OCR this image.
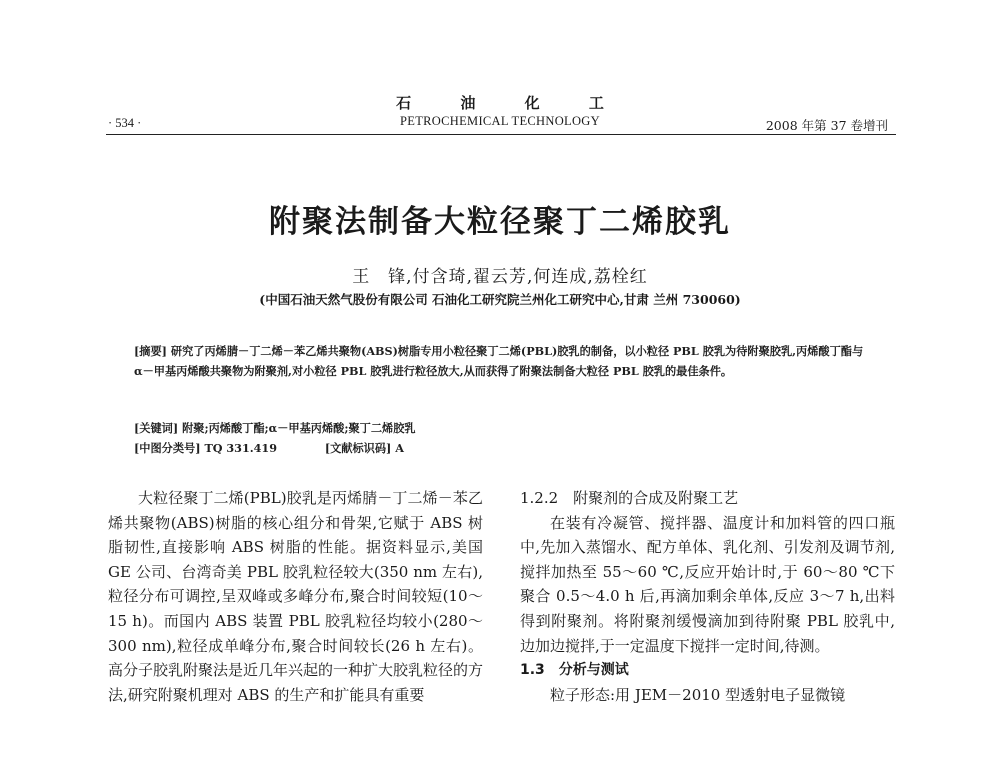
石 油 化 工
PETROCHEMICAL TECHNOLOGY
· 534 ·	2008 年第 37 卷增刊
附聚法制备大粒径聚丁二烯胶乳
王　锋,付含琦,翟云芳,何连成,荔栓红
(中国石油天然气股份有限公司 石油化工研究院兰州化工研究中心,甘肃 兰州 730060)
[摘要] 研究了丙烯腈－丁二烯－苯乙烯共聚物(ABS)树脂专用小粒径聚丁二烯(PBL)胶乳的制备，以小粒径 PBL 胶乳为待附聚胶乳,丙烯酸丁酯与 α－甲基丙烯酸共聚物为附聚剂,对小粒径 PBL 胶乳进行粒径放大,从而获得了附聚法制备大粒径 PBL 胶乳的最佳条件。
[关键词] 附聚;丙烯酸丁酯;α－甲基丙烯酸;聚丁二烯胶乳
[中图分类号] TQ 331.419	[文献标识码] A

大粒径聚丁二烯(PBL)胶乳是丙烯腈－丁二烯－苯乙烯共聚物(ABS)树脂的核心组分和骨架,它赋于 ABS 树脂韧性,直接影响 ABS 树脂的性能。据资料显示,美国 GE 公司、台湾奇美 PBL 胶乳粒径较大(350 nm 左右),粒径分布可调控,呈双峰或多峰分布,聚合时间较短(10～15 h)。而国内 ABS 装置 PBL 胶乳粒径均较小(280～300 nm),粒径成单峰分布,聚合时间较长(26 h 左右)。高分子胶乳附聚法是近几年兴起的一种扩大胶乳粒径的方法,研究附聚机理对 ABS 的生产和扩能具有重要

1.2.2　附聚剂的合成及附聚工艺

在装有冷凝管、搅拌器、温度计和加料管的四口瓶中,先加入蒸馏水、配方单体、乳化剂、引发剂及调节剂,搅拌加热至 55～60 ℃,反应开始计时,于 60～80 ℃下聚合 0.5～4.0 h 后,再滴加剩余单体,反应 3～7 h,出料得到附聚剂。将附聚剂缓慢滴加到待附聚 PBL 胶乳中,边加边搅拌,于一定温度下搅拌一定时间,待测。

1.3　分析与测试

粒子形态:用 JEM－2010 型透射电子显微镜
